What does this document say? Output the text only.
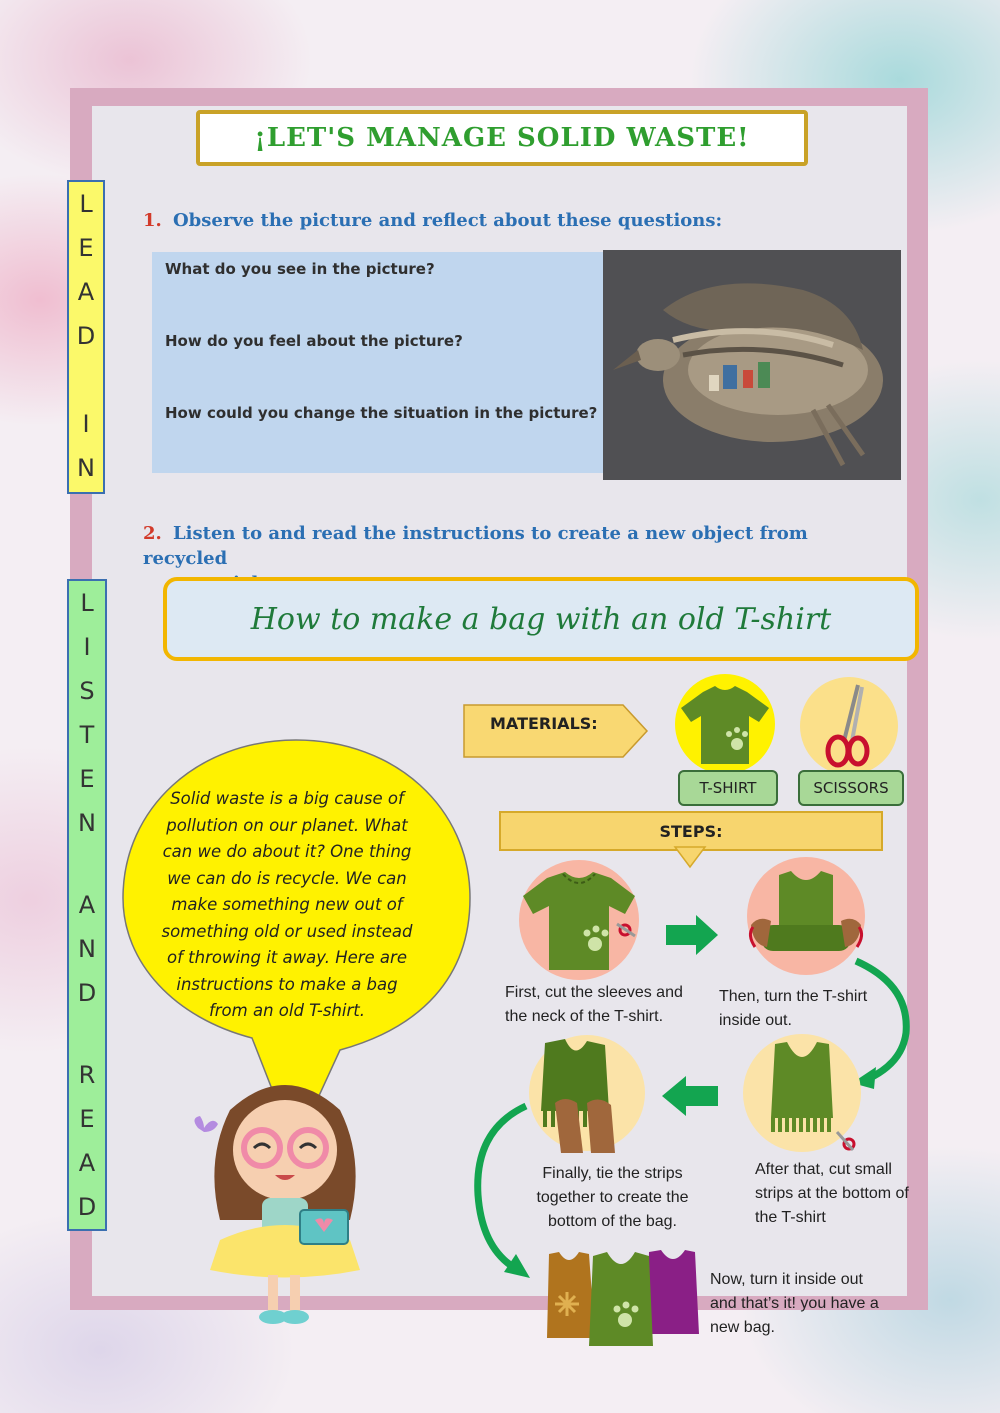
¡LET'S MANAGE SOLID WASTE!
L
E
A
D
I
N
1. Observe the picture and reflect about these questions:

What do you see in the picture?

How do you feel about the picture?

How could you change the situation in the picture?

2. Listen to and read the instructions to create a new object from recycled

L
I
S
T
E
N
A
N
D
R
E
A
D
How to make a bag with an old T-shirt
Solid waste is a big cause of pollution on our planet. What can we do about it? One thing we can do is recycle. We can make something new out of something old or used instead of throwing it away. Here are instructions to make a bag from an old T-shirt.
MATERIALS:
T-SHIRT	SCISSORS
STEPS:
First, cut the sleeves and the neck of the T-shirt.
Then, turn the T-shirt inside out.
After that, cut small strips at the bottom of the T-shirt
Finally, tie the strips together to create the bottom of the bag.
Now, turn it inside out and that’s it! you have a new bag.
